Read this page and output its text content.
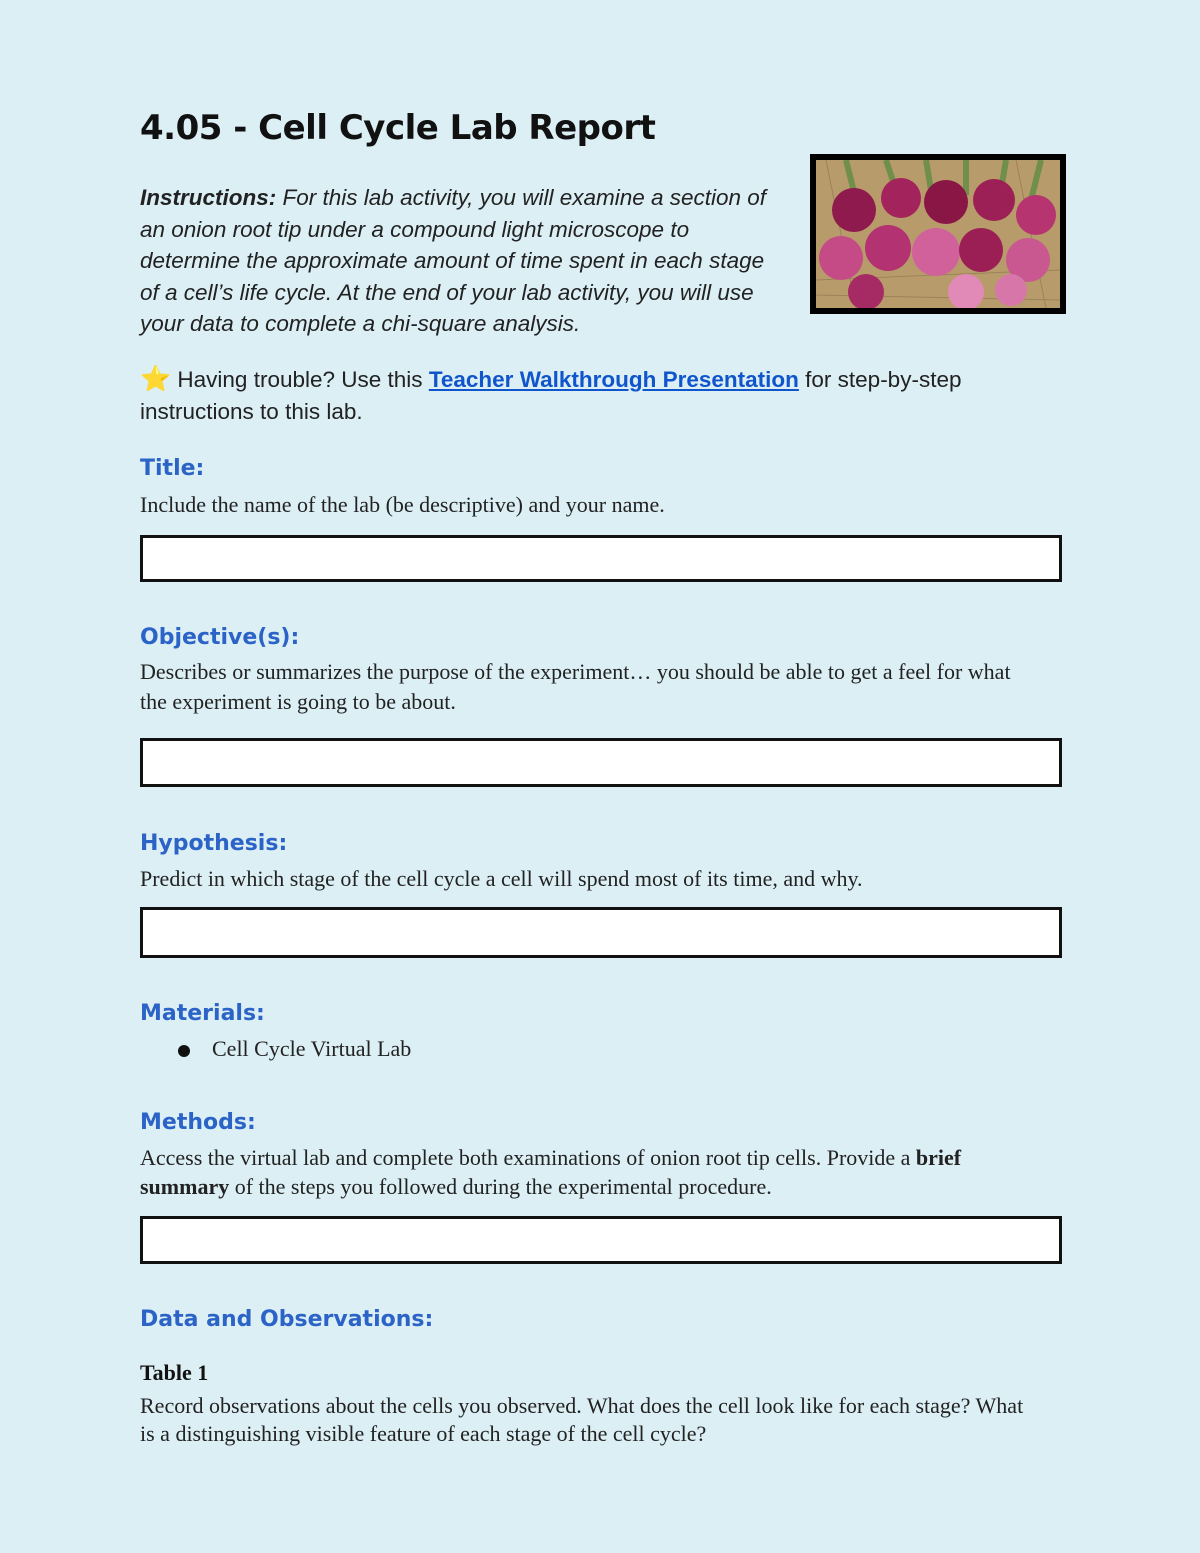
4.05 - Cell Cycle Lab Report
Instructions: For this lab activity, you will examine a section of an onion root tip under a compound light microscope to determine the approximate amount of time spent in each stage of a cell’s life cycle. At the end of your lab activity, you will use your data to complete a chi-square analysis.
⭐ Having trouble? Use this Teacher Walkthrough Presentation for step-by-step instructions to this lab.
Title:
Include the name of the lab (be descriptive) and your name.
Objective(s):
Describes or summarizes the purpose of the experiment… you should be able to get a feel for what the experiment is going to be about.
Hypothesis:
Predict in which stage of the cell cycle a cell will spend most of its time, and why.
Materials:
Cell Cycle Virtual Lab
Methods:
Access the virtual lab and complete both examinations of onion root tip cells. Provide a brief summary of the steps you followed during the experimental procedure.
Data and Observations:
Table 1
Record observations about the cells you observed. What does the cell look like for each stage? What is a distinguishing visible feature of each stage of the cell cycle?
